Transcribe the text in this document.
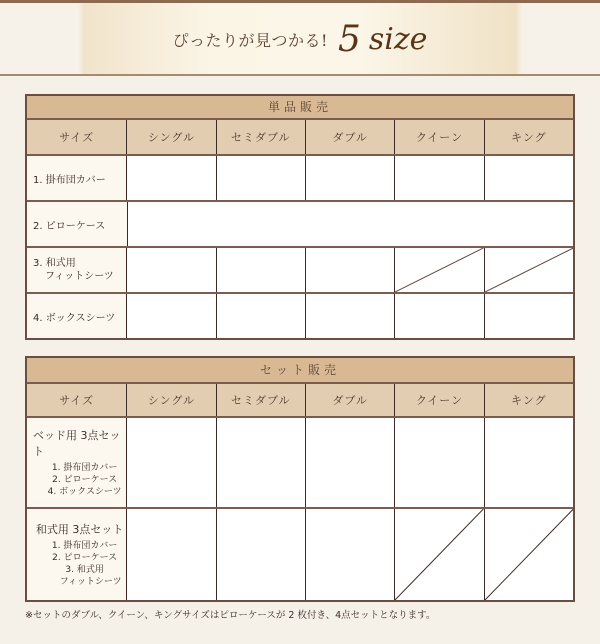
ぴったりが見つかる! 5 size
単品販売
サイズ	シングル	セミダブル	ダブル	クイーン	キング
1. 掛布団カバー
2. ピローケース
3. 和式用
フィットシーツ
4. ボックスシーツ
セット販売
サイズ	シングル	セミダブル	ダブル	クイーン	キング
ベッド用 3点セット
1. 掛布団カバー
2. ピローケース
4. ボックスシーツ
和式用 3点セット
1. 掛布団カバー
2. ピローケース
3. 和式用
フィットシーツ
※セットのダブル、クイーン、キングサイズはピローケースが 2 枚付き、4点セットとなります。
